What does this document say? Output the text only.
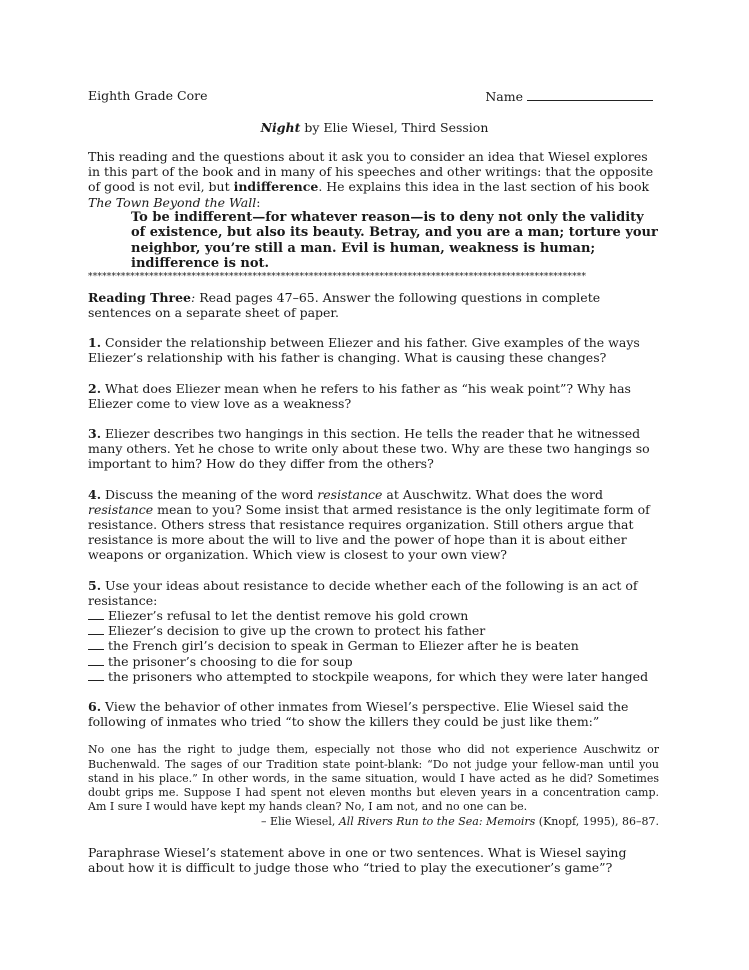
Eighth Grade Core	Name
Night by Elie Wiesel, Third Session

This reading and the questions about it ask you to consider an idea that Wiesel explores in this part of the book and in many of his speeches and other writings: that the opposite of good is not evil, but indifference. He explains this idea in the last section of his book The Town Beyond the Wall:

To be indifferent—for whatever reason—is to deny not only the validity of existence, but also its beauty. Betray, and you are a man; torture your neighbor, you’re still a man. Evil is human, weakness is human; indifference is not.

**********************************************************************************************************

Reading Three: Read pages 47–65. Answer the following questions in complete sentences on a separate sheet of paper.

1. Consider the relationship between Eliezer and his father. Give examples of the ways Eliezer’s relationship with his father is changing. What is causing these changes?

2. What does Eliezer mean when he refers to his father as “his weak point”? Why has Eliezer come to view love as a weakness?

3. Eliezer describes two hangings in this section. He tells the reader that he witnessed many others. Yet he chose to write only about these two. Why are these two hangings so important to him? How do they differ from the others?

4. Discuss the meaning of the word resistance at Auschwitz. What does the word resistance mean to you? Some insist that armed resistance is the only legitimate form of resistance. Others stress that resistance requires organization. Still others argue that resistance is more about the will to live and the power of hope than it is about either weapons or organization. Which view is closest to your own view?

5. Use your ideas about resistance to decide whether each of the following is an act of resistance:

Eliezer’s refusal to let the dentist remove his gold crown
Eliezer’s decision to give up the crown to protect his father
the French girl’s decision to speak in German to Eliezer after he is beaten
the prisoner’s choosing to die for soup
the prisoners who attempted to stockpile weapons, for which they were later hanged

6. View the behavior of other inmates from Wiesel’s perspective. Elie Wiesel said the following of inmates who tried “to show the killers they could be just like them:”

No one has the right to judge them, especially not those who did not experience Auschwitz or Buchenwald. The sages of our Tradition state point-blank: “Do not judge your fellow-man until you stand in his place.” In other words, in the same situation, would I have acted as he did? Sometimes doubt grips me. Suppose I had spent not eleven months but eleven years in a concentration camp. Am I sure I would have kept my hands clean? No, I am not, and no one can be.

– Elie Wiesel, All Rivers Run to the Sea: Memoirs (Knopf, 1995), 86–87.

Paraphrase Wiesel’s statement above in one or two sentences. What is Wiesel saying about how it is difficult to judge those who “tried to play the executioner’s game”?
